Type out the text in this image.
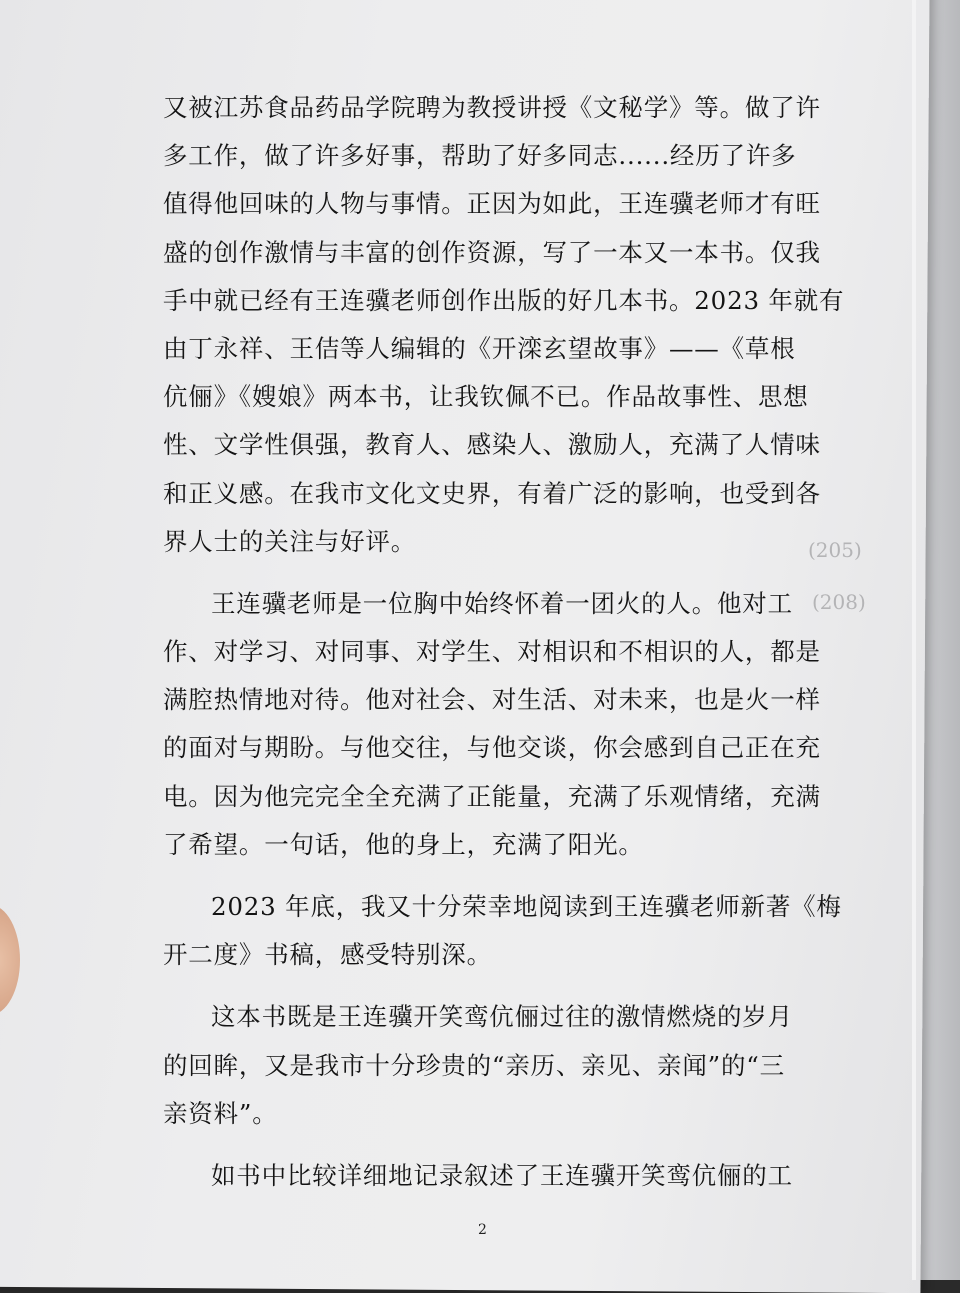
(205)
(208)
又被江苏食品药品学院聘为教授讲授《文秘学》等。做了许
多工作，做了许多好事，帮助了好多同志......经历了许多
值得他回味的人物与事情。正因为如此，王连骥老师才有旺
盛的创作激情与丰富的创作资源，写了一本又一本书。仅我
手中就已经有王连骥老师创作出版的好几本书。2023 年就有
由丁永祥、王佶等人编辑的《开滦玄望故事》——《草根
伉俪》《嫂娘》两本书，让我钦佩不已。作品故事性、思想
性、文学性俱强，教育人、感染人、激励人，充满了人情味
和正义感。在我市文化文史界，有着广泛的影响，也受到各
界人士的关注与好评。
王连骥老师是一位胸中始终怀着一团火的人。他对工
作、对学习、对同事、对学生、对相识和不相识的人，都是
满腔热情地对待。他对社会、对生活、对未来，也是火一样
的面对与期盼。与他交往，与他交谈，你会感到自己正在充
电。因为他完完全全充满了正能量，充满了乐观情绪，充满
了希望。一句话，他的身上，充满了阳光。
2023 年底，我又十分荣幸地阅读到王连骥老师新著《梅
开二度》书稿，感受特别深。
这本书既是王连骥开笑鸾伉俪过往的激情燃烧的岁月
的回眸，又是我市十分珍贵的“亲历、亲见、亲闻”的“三
亲资料”。
如书中比较详细地记录叙述了王连骥开笑鸾伉俪的工
2
